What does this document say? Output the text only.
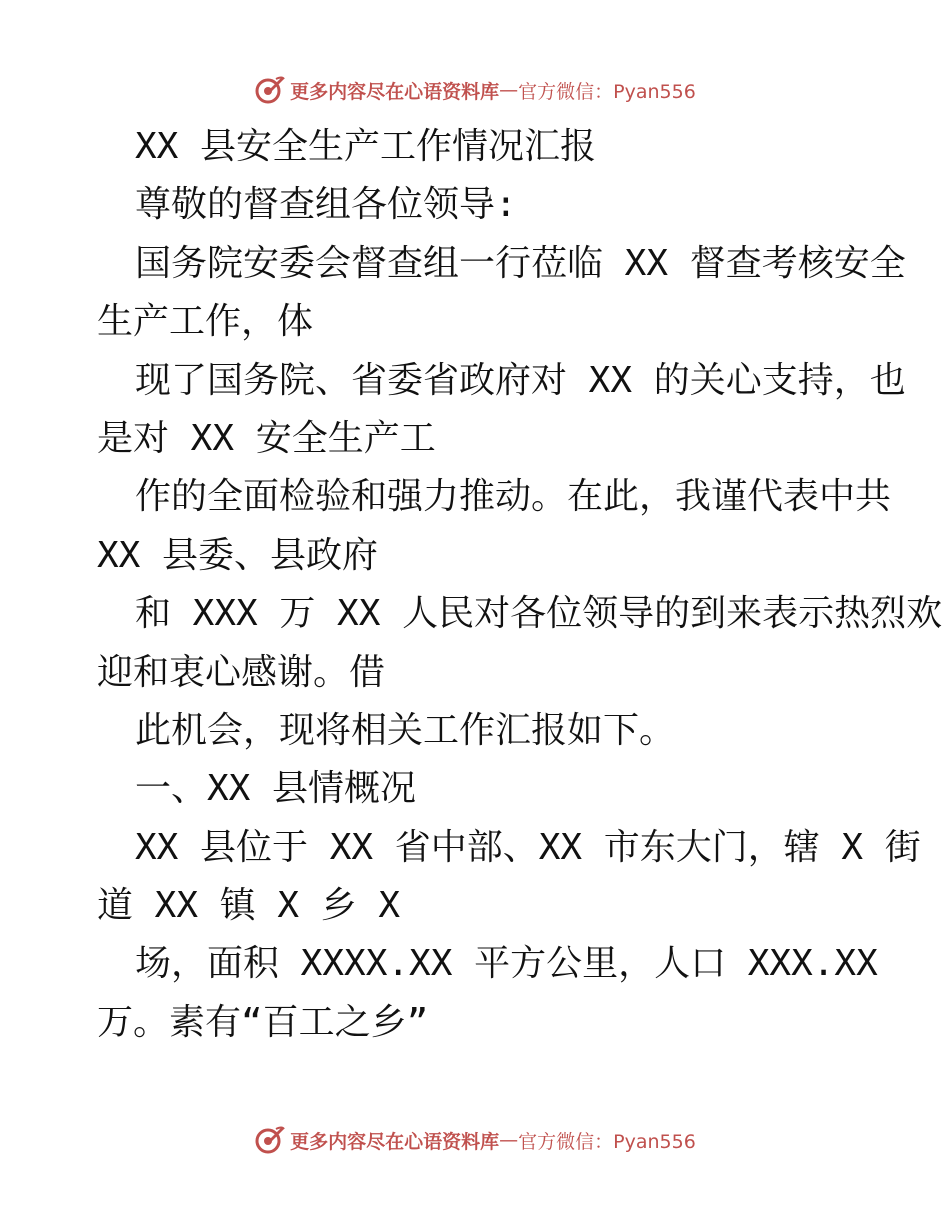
更多内容尽在心语资料库 — 官方微信：Pyan556

XX 县安全生产工作情况汇报

尊敬的督查组各位领导:

国务院安委会督查组一行莅临 XX 督查考核安全

生产工作，体

现了国务院、省委省政府对 XX 的关心支持，也

是对 XX 安全生产工

作的全面检验和强力推动。在此，我谨代表中共

XX 县委、县政府

和 XXX 万 XX 人民对各位领导的到来表示热烈欢

迎和衷心感谢。借

此机会，现将相关工作汇报如下。

一、XX 县情概况

XX 县位于 XX 省中部、XX 市东大门，辖 X 街

道 XX 镇 X 乡 X

场，面积 XXXX.XX 平方公里，人口 XXX.XX

万。素有“百工之乡”

更多内容尽在心语资料库 — 官方微信：Pyan556
